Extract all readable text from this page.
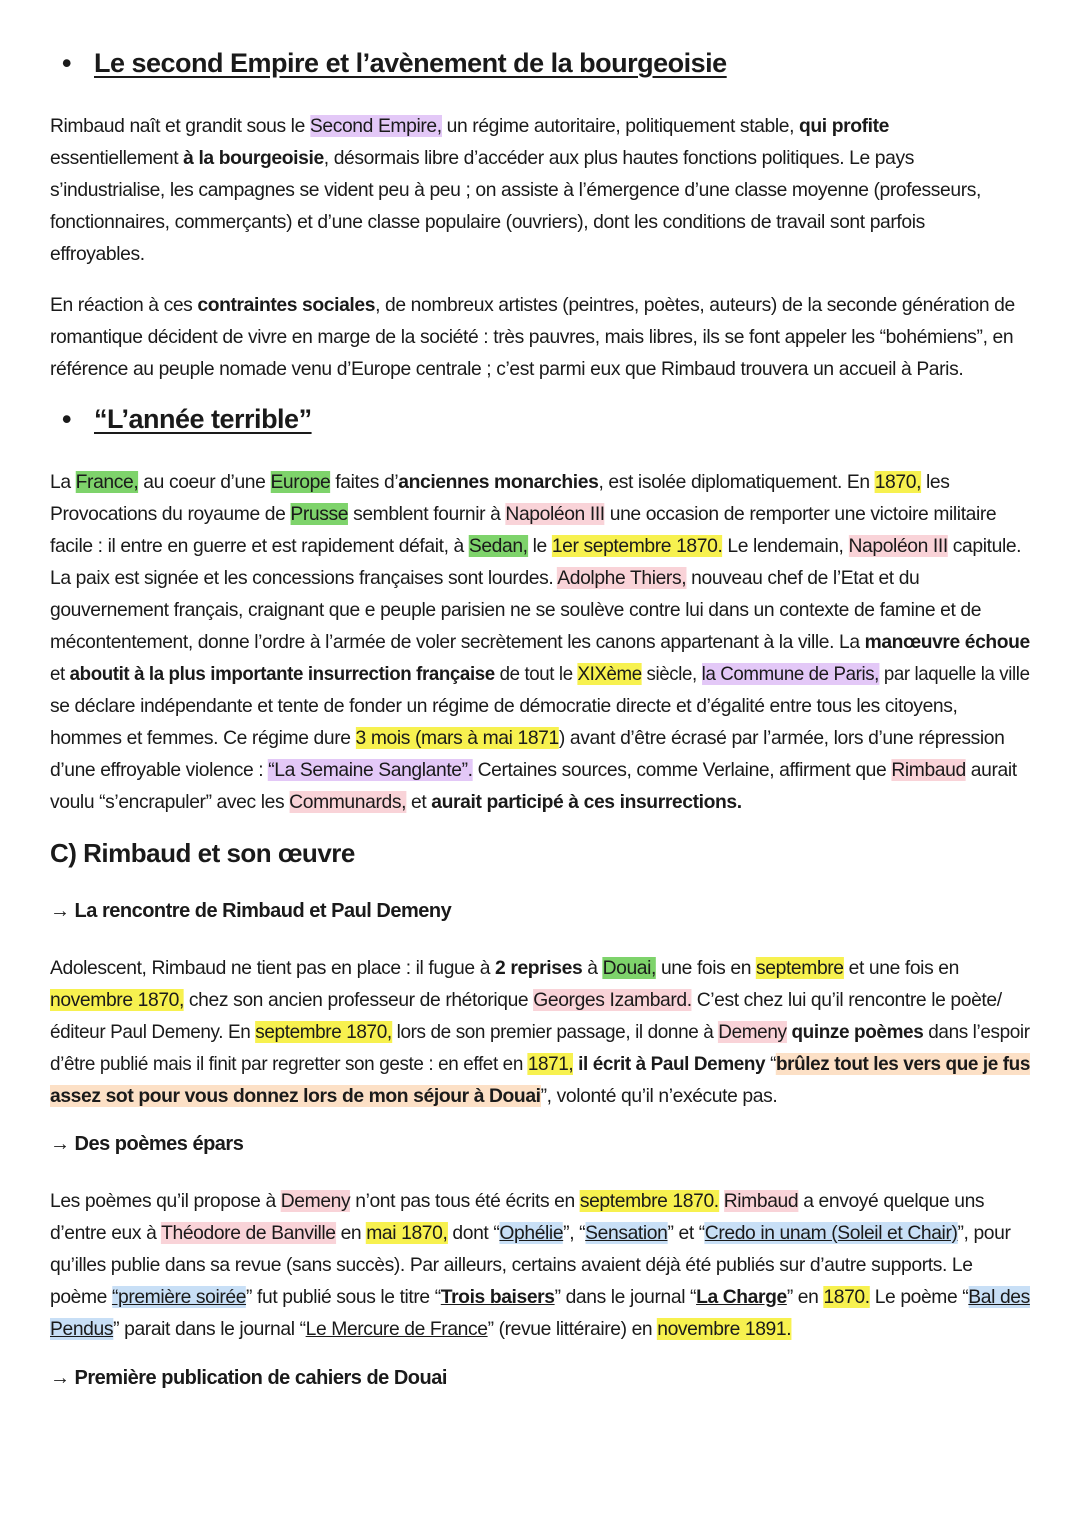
• Le second Empire et l’avènement de la bourgeoisie
Rimbaud naît et grandit sous le Second Empire, un régime autoritaire, politiquement stable, qui profite
essentiellement à la bourgeoisie, désormais libre d’accéder aux plus hautes fonctions politiques. Le pays
s’industrialise, les campagnes se vident peu à peu ; on assiste à l’émergence d’une classe moyenne (professeurs,
fonctionnaires, commerçants) et d’une classe populaire (ouvriers), dont les conditions de travail sont parfois
effroyables.
En réaction à ces contraintes sociales, de nombreux artistes (peintres, poètes, auteurs) de la seconde génération de
romantique décident de vivre en marge de la société : très pauvres, mais libres, ils se font appeler les “bohémiens”, en
référence au peuple nomade venu d’Europe centrale ; c’est parmi eux que Rimbaud trouvera un accueil à Paris.
• “L’année terrible”
La France, au coeur d’une Europe faites d’anciennes monarchies, est isolée diplomatiquement. En 1870, les
Provocations du royaume de Prusse semblent fournir à Napoléon III une occasion de remporter une victoire militaire
facile : il entre en guerre et est rapidement défait, à Sedan, le 1er septembre 1870. Le lendemain, Napoléon III capitule.
La paix est signée et les concessions françaises sont lourdes. Adolphe Thiers, nouveau chef de l’Etat et du
gouvernement français, craignant que e peuple parisien ne se soulève contre lui dans un contexte de famine et de
mécontentement, donne l’ordre à l’armée de voler secrètement les canons appartenant à la ville. La manœuvre échoue
et aboutit à la plus importante insurrection française de tout le XIXème siècle, la Commune de Paris, par laquelle la ville
se déclare indépendante et tente de fonder un régime de démocratie directe et d’égalité entre tous les citoyens,
hommes et femmes. Ce régime dure 3 mois (mars à mai 1871) avant d’être écrasé par l’armée, lors d’une répression
d’une effroyable violence : “La Semaine Sanglante”. Certaines sources, comme Verlaine, affirment que Rimbaud aurait
voulu “s’encrapuler” avec les Communards, et aurait participé à ces insurrections.
C) Rimbaud et son œuvre
→ La rencontre de Rimbaud et Paul Demeny
Adolescent, Rimbaud ne tient pas en place : il fugue à 2 reprises à Douai, une fois en septembre et une fois en
novembre 1870, chez son ancien professeur de rhétorique Georges Izambard. C’est chez lui qu’il rencontre le poète/
éditeur Paul Demeny. En septembre 1870, lors de son premier passage, il donne à Demeny quinze poèmes dans l’espoir
d’être publié mais il finit par regretter son geste : en effet en 1871, il écrit à Paul Demeny “brûlez tout les vers que je fus
assez sot pour vous donnez lors de mon séjour à Douai”, volonté qu’il n’exécute pas.
→ Des poèmes épars
Les poèmes qu’il propose à Demeny n’ont pas tous été écrits en septembre 1870. Rimbaud a envoyé quelque uns
d’entre eux à Théodore de Banville en mai 1870, dont “Ophélie”, “Sensation” et “Credo in unam (Soleil et Chair)”, pour
qu’illes publie dans sa revue (sans succès). Par ailleurs, certains avaient déjà été publiés sur d’autre supports. Le
poème “première soirée” fut publié sous le titre “Trois baisers” dans le journal “La Charge” en 1870. Le poème “Bal des
Pendus” parait dans le journal “Le Mercure de France” (revue littéraire) en novembre 1891.
→ Première publication de cahiers de Douai
